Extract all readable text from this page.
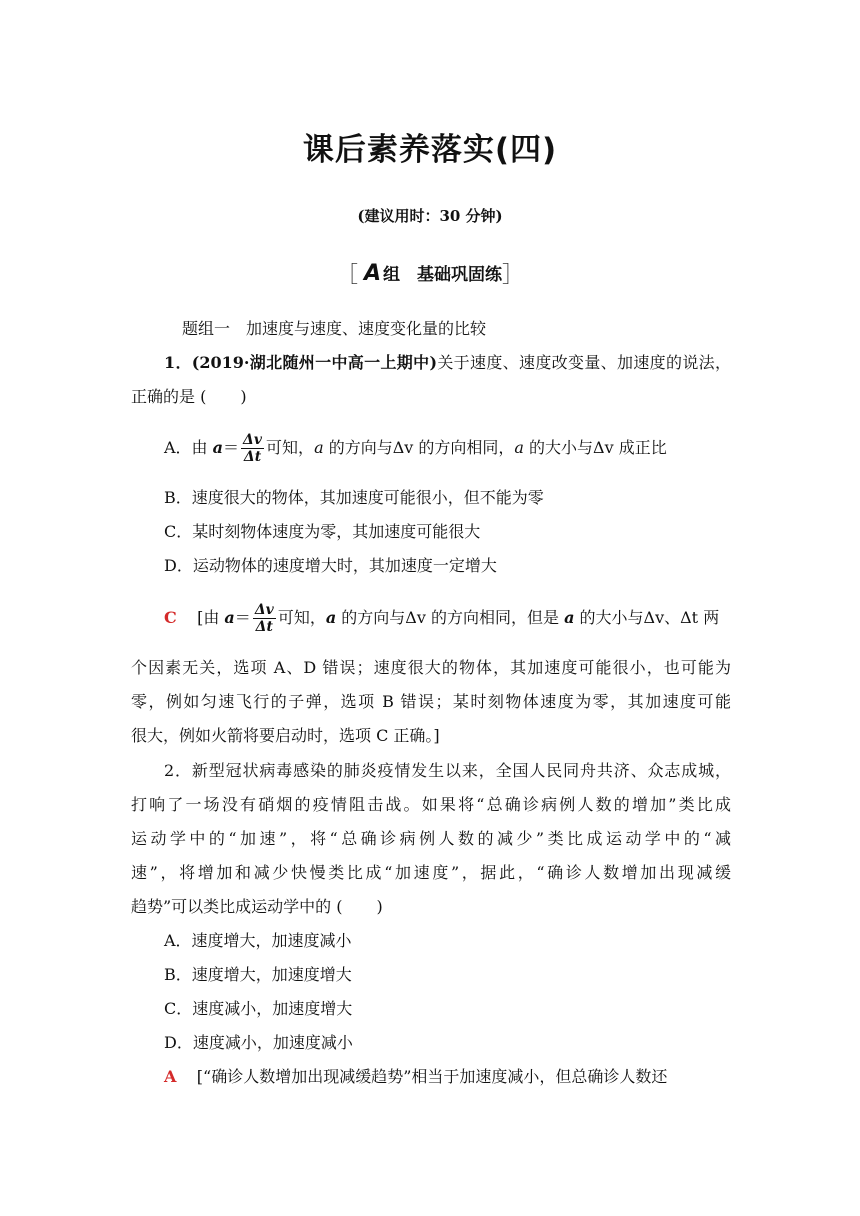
课后素养落实(四)
(建议用时：30 分钟)
［ A 组　基础巩固练］
题组一　加速度与速度、速度变化量的比较
1．(2019·湖北随州一中高一上期中)关于速度、速度改变量、加速度的说法，
正确的是 ( )
A．由 $a= \frac{\Delta v}{\Delta t}$ 可知，a 的方向与Δv 的方向相同，a 的大小与Δv 成正比
B．速度很大的物体，其加速度可能很小，但不能为零
C．某时刻物体速度为零，其加速度可能很大
D．运动物体的速度增大时，其加速度一定增大
C [由 $a= \frac{\Delta v}{\Delta t}$ 可知，a 的方向与Δv 的方向相同，但是 a 的大小与Δv、Δt 两
个因素无关，选项 A、D 错误；速度很大的物体，其加速度可能很小，也可能为
零，例如匀速飞行的子弹，选项 B 错误；某时刻物体速度为零，其加速度可能
很大，例如火箭将要启动时，选项 C 正确。]
2．新型冠状病毒感染的肺炎疫情发生以来，全国人民同舟共济、众志成城，
打响了一场没有硝烟的疫情阻击战。如果将“总确诊病例人数的增加”类比成
运动学中的“加速”，将“总确诊病例人数的减少”类比成运动学中的“减
速”，将增加和减少快慢类比成“加速度”，据此，“确诊人数增加出现减缓
趋势”可以类比成运动学中的 ( )
A．速度增大，加速度减小
B．速度增大，加速度增大
C．速度减小，加速度增大
D．速度减小，加速度减小
A [“确诊人数增加出现减缓趋势”相当于加速度减小，但总确诊人数还
